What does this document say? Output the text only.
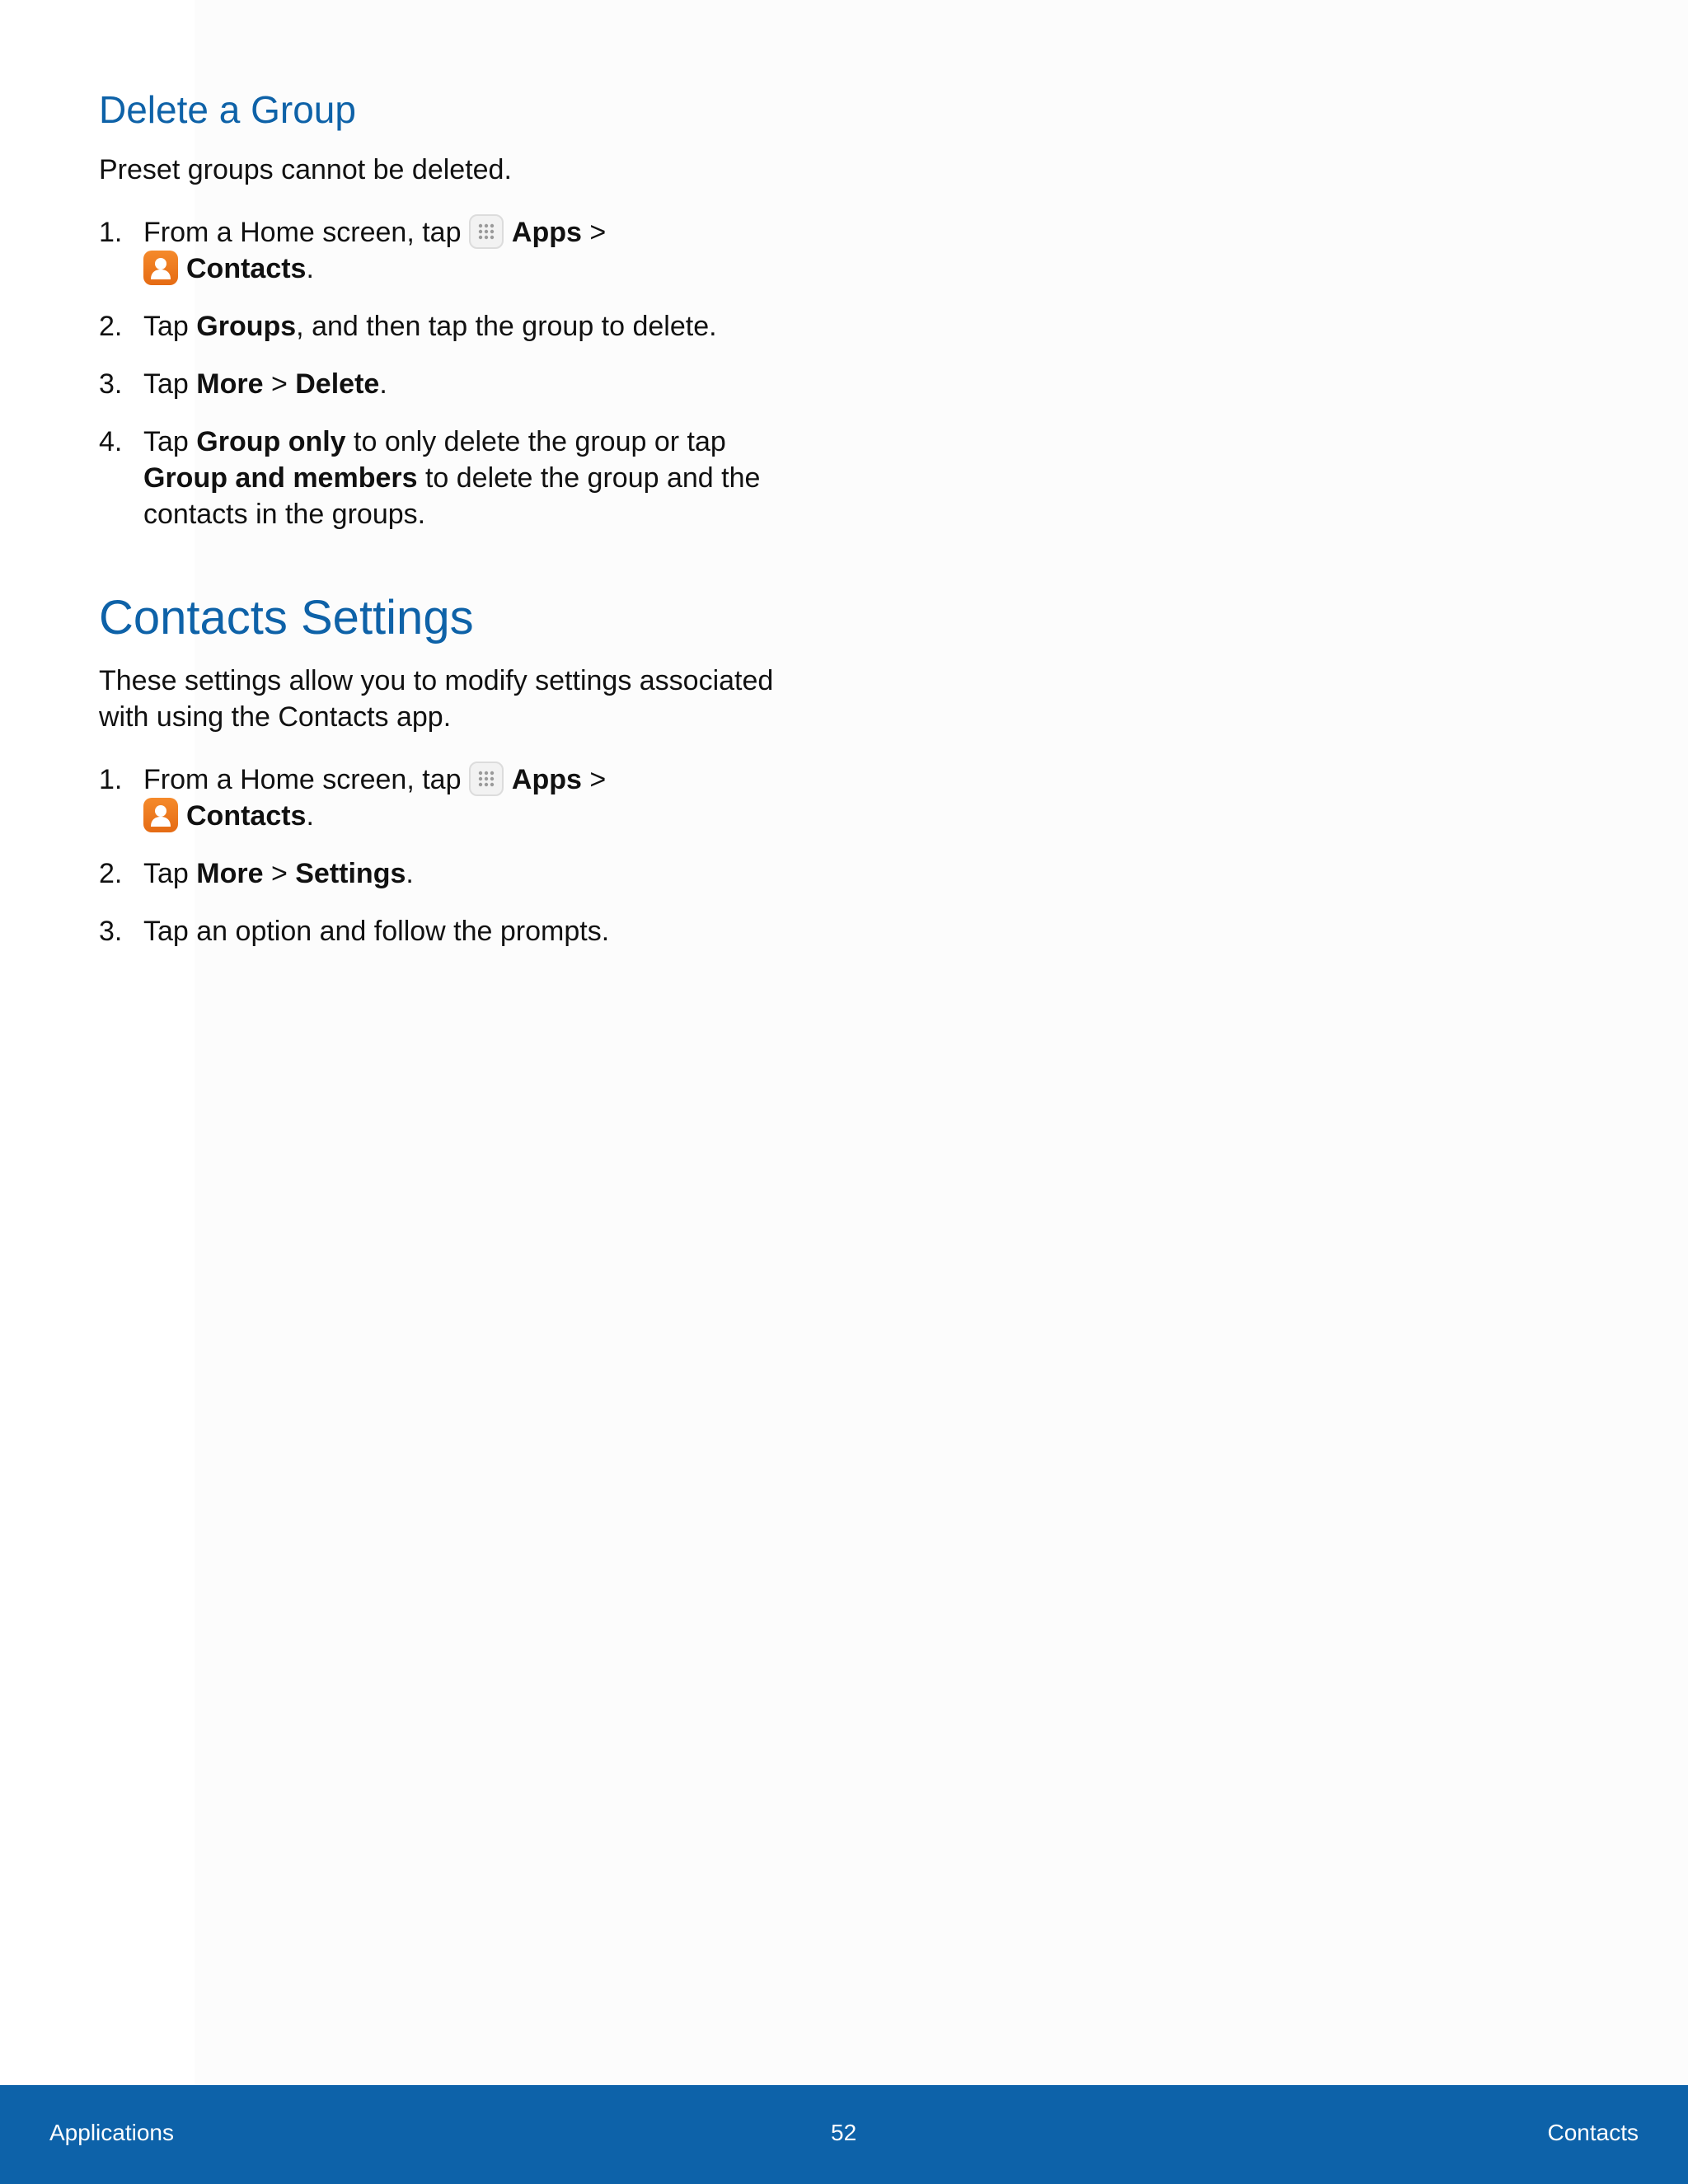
Delete a Group

Preset groups cannot be deleted.

1. From a Home screen, tap
Apps >

Contacts.
2. Tap Groups, and then tap the group to delete.
3. Tap More > Delete.
4. Tap Group only to only delete the group or tap Group and members to delete the group and the contacts in the groups.
Contacts Settings

These settings allow you to modify settings associated with using the Contacts app.

1. From a Home screen, tap
Apps >

Contacts.
2. Tap More > Settings.
3. Tap an option and follow the prompts.
Applications	52	Contacts
